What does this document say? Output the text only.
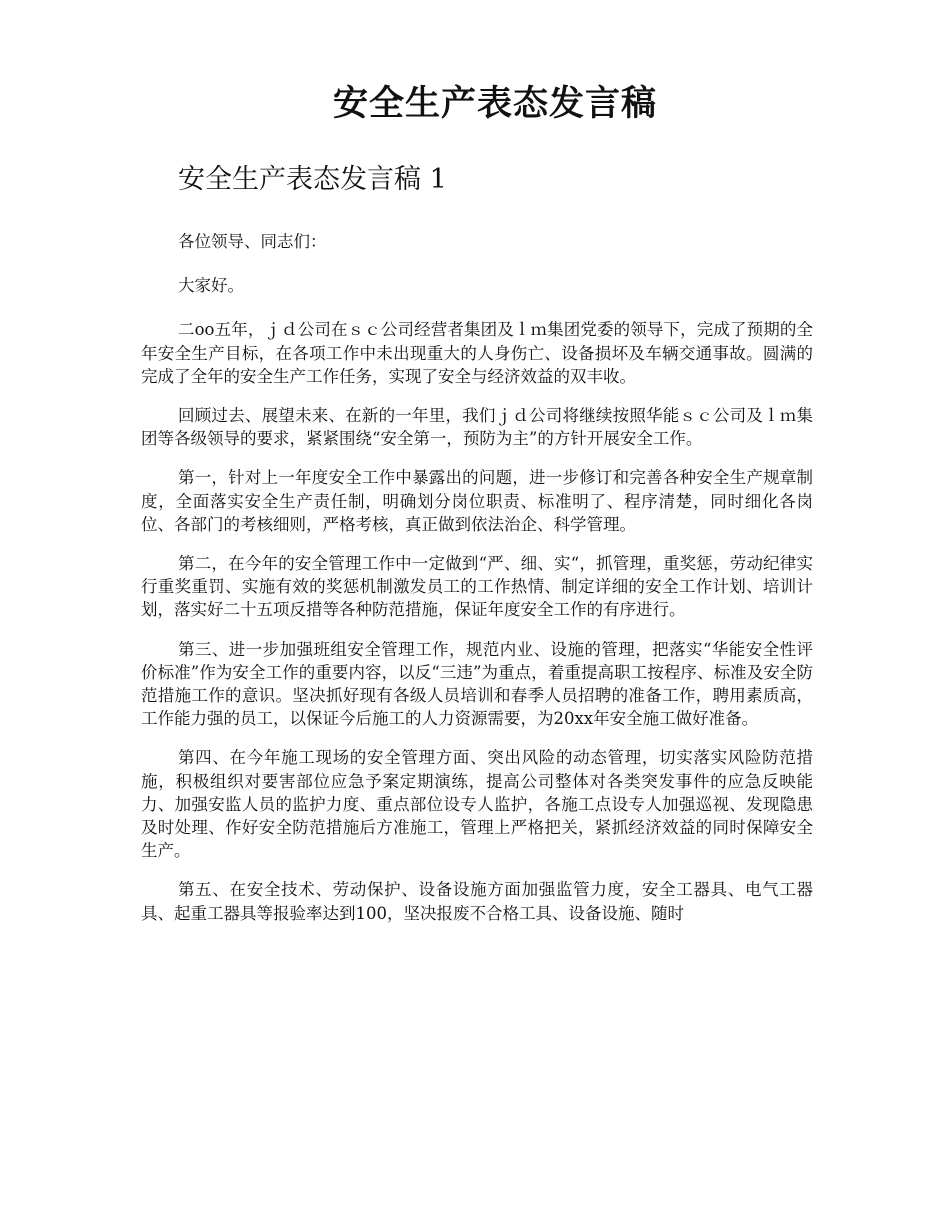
安全生产表态发言稿
安全生产表态发言稿 1

各位领导、同志们：

大家好。

二oo五年，ｊｄ公司在ｓｃ公司经营者集团及ｌｍ集团党委的领导下，完成了预期的全年安全生产目标，在各项工作中未出现重大的人身伤亡、设备损坏及车辆交通事故。圆满的完成了全年的安全生产工作任务，实现了安全与经济效益的双丰收。

回顾过去、展望未来、在新的一年里，我们ｊｄ公司将继续按照华能ｓｃ公司及ｌｍ集团等各级领导的要求，紧紧围绕“安全第一，预防为主”的方针开展安全工作。

第一，针对上一年度安全工作中暴露出的问题，进一步修订和完善各种安全生产规章制度，全面落实安全生产责任制，明确划分岗位职责、标准明了、程序清楚，同时细化各岗位、各部门的考核细则，严格考核，真正做到依法治企、科学管理。

第二，在今年的安全管理工作中一定做到“严、细、实“，抓管理，重奖惩，劳动纪律实行重奖重罚、实施有效的奖惩机制激发员工的工作热情、制定详细的安全工作计划、培训计划，落实好二十五项反措等各种防范措施，保证年度安全工作的有序进行。

第三、进一步加强班组安全管理工作，规范内业、设施的管理，把落实“华能安全性评价标准”作为安全工作的重要内容，以反“三违”为重点，着重提高职工按程序、标准及安全防范措施工作的意识。坚决抓好现有各级人员培训和春季人员招聘的准备工作，聘用素质高，工作能力强的员工，以保证今后施工的人力资源需要，为20xx年安全施工做好准备。

第四、在今年施工现场的安全管理方面、突出风险的动态管理，切实落实风险防范措施，积极组织对要害部位应急予案定期演练，提高公司整体对各类突发事件的应急反映能力、加强安监人员的监护力度、重点部位设专人监护，各施工点设专人加强巡视、发现隐患及时处理、作好安全防范措施后方准施工，管理上严格把关，紧抓经济效益的同时保障安全生产。

第五、在安全技术、劳动保护、设备设施方面加强监管力度，安全工器具、电气工器具、起重工器具等报验率达到100，坚决报废不合格工具、设备设施、随时
